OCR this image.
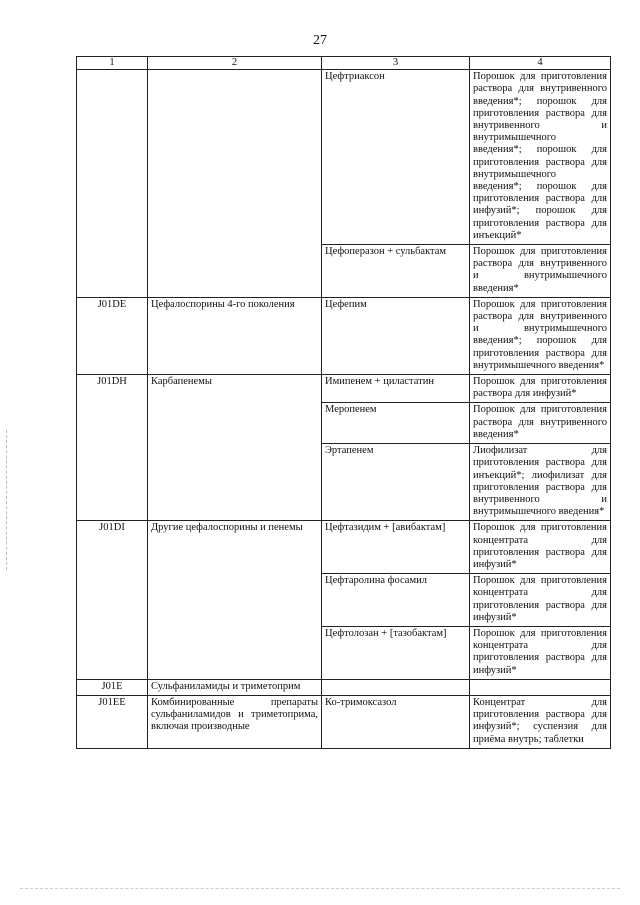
27
1	2	3	4
		Цефтриаксон	Порошок для приготовления раствора для внутривенного введения*; порошок для приготовления раствора для внутривенного и внутримышечного введения*; порошок для приготовления раствора для внутримышечного введения*; порошок для приготовления раствора для инфузий*; порошок для приготовления раствора для инъекций*
		Цефоперазон + сульбактам	Порошок для приготовления раствора для внутривенного и внутримышечного введения*
J01DE	Цефалоспорины 4-го поколения	Цефепим	Порошок для приготовления раствора для внутривенного и внутримышечного введения*; порошок для приготовления раствора для внутримышечного введения*
J01DH	Карбапенемы	Имипенем + циластатин	Порошок для приготовления раствора для инфузий*
		Меропенем	Порошок для приготовления раствора для внутривенного введения*
		Эртапенем	Лиофилизат для приготовления раствора для инъекций*; лиофилизат для приготовления раствора для внутривенного и внутримышечного введения*
J01DI	Другие цефалоспорины и пенемы	Цефтазидим + [авибактам]	Порошок для приготовления концентрата для приготовления раствора для инфузий*
		Цефтаролина фосамил	Порошок для приготовления концентрата для приготовления раствора для инфузий*
		Цефтолозан + [тазобактам]	Порошок для приготовления концентрата для приготовления раствора для инфузий*
J01E	Сульфаниламиды и триметоприм		
J01EE	Комбинированные препараты сульфаниламидов и триметоприма, включая производные	Ко-тримоксазол	Концентрат для приготовления раствора для инфузий*; суспензия для приёма внутрь; таблетки
